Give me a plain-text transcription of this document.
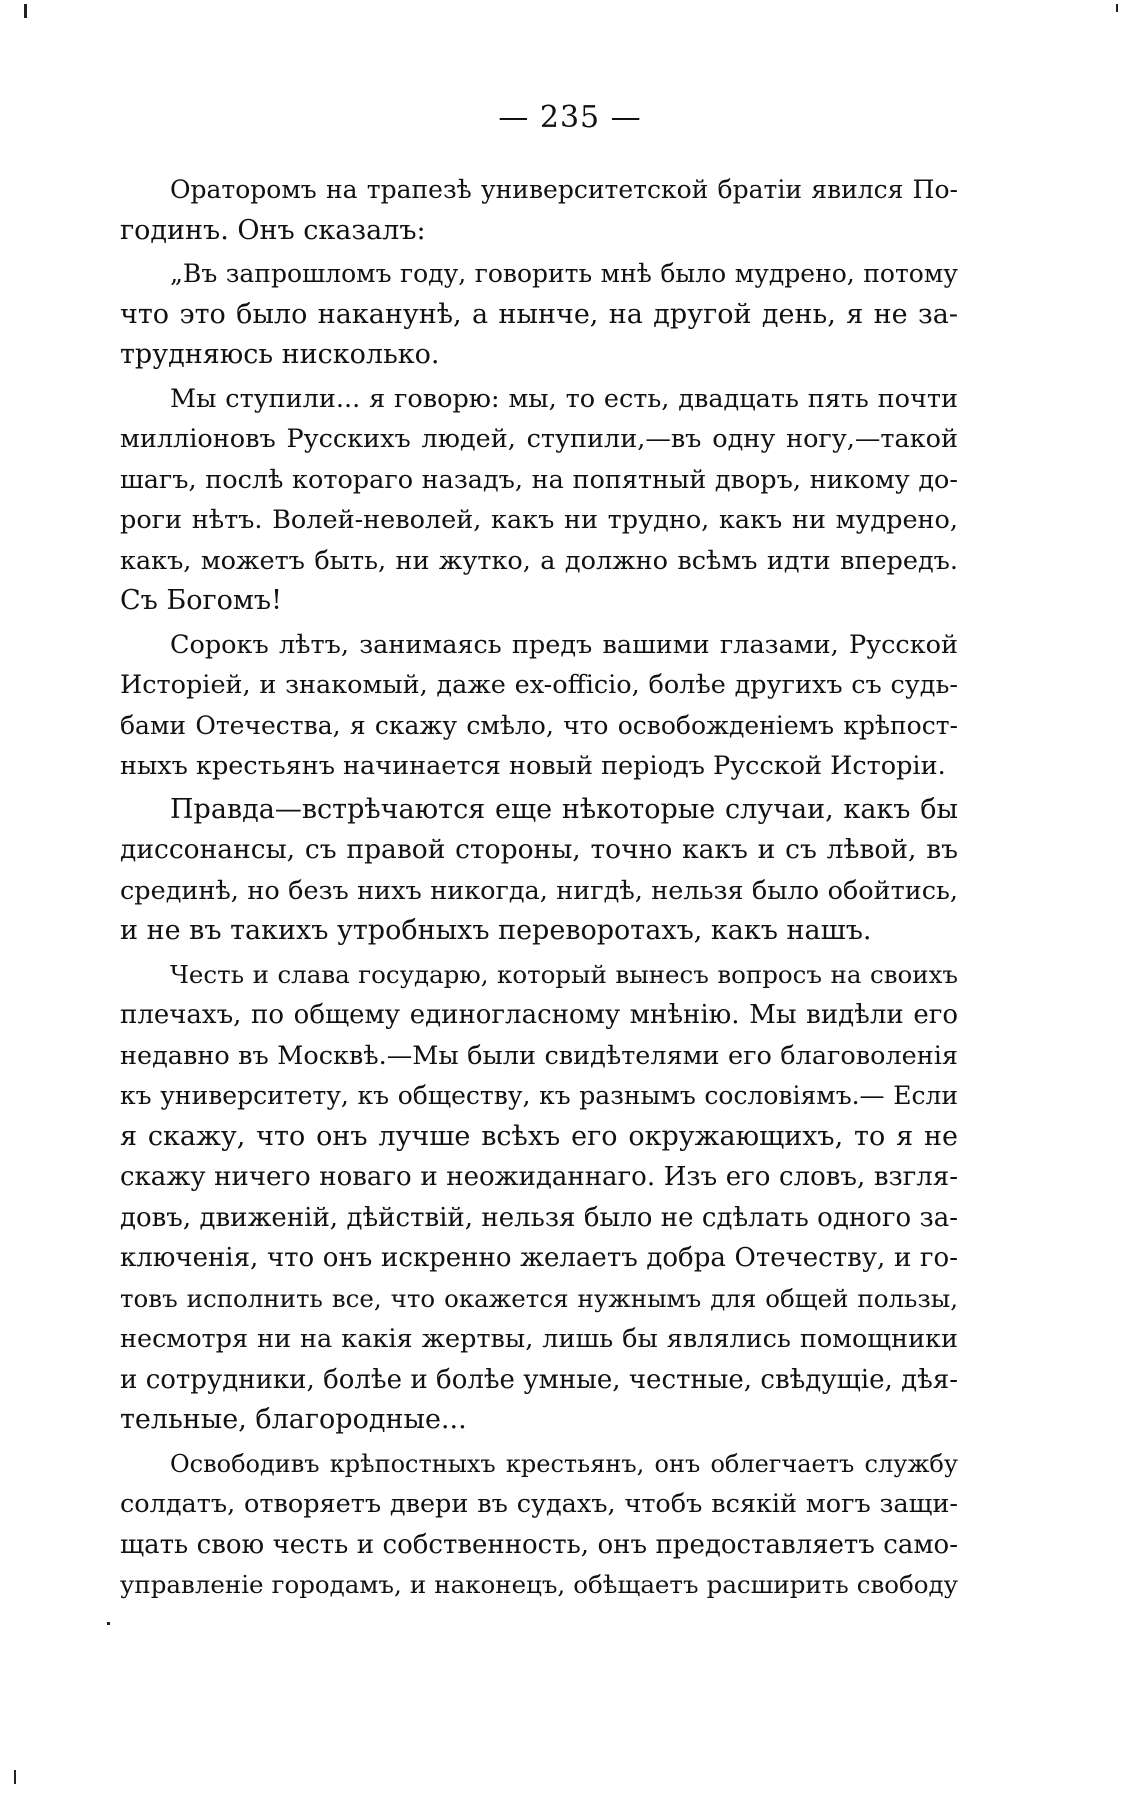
— 235 —
Ораторомъ на трапезѣ университетской братіи явился По-
годинъ. Онъ сказалъ:
„Въ запрошломъ году, говорить мнѣ было мудрено, потому
что это было наканунѣ, а нынче, на другой день, я не за-
трудняюсь нисколько.
Мы ступили... я говорю: мы, то есть, двадцать пять почти
милліоновъ Русскихъ людей, ступили,—въ одну ногу,—такой
шагъ, послѣ котораго назадъ, на попятный дворъ, никому до-
роги нѣтъ. Волей-неволей, какъ ни трудно, какъ ни мудрено,
какъ, можетъ быть, ни жутко, а должно всѣмъ идти впередъ.
Съ Богомъ!
Сорокъ лѣтъ, занимаясь предъ вашими глазами, Русской
Исторіей, и знакомый, даже ex-officio, болѣе другихъ съ судь-
бами Отечества, я скажу смѣло, что освобожденіемъ крѣпост-
ныхъ крестьянъ начинается новый періодъ Русской Исторіи.
Правда—встрѣчаются еще нѣкоторые случаи, какъ бы
диссонансы, съ правой стороны, точно какъ и съ лѣвой, въ
срединѣ, но безъ нихъ никогда, нигдѣ, нельзя было обойтись,
и не въ такихъ утробныхъ переворотахъ, какъ нашъ.
Честь и слава государю, который вынесъ вопросъ на своихъ
плечахъ, по общему единогласному мнѣнію. Мы видѣли его
недавно въ Москвѣ.—Мы были свидѣтелями его благоволенія
къ университету, къ обществу, къ разнымъ сословіямъ.— Если
я скажу, что онъ лучше всѣхъ его окружающихъ, то я не
скажу ничего новаго и неожиданнаго. Изъ его словъ, взгля-
довъ, движеній, дѣйствій, нельзя было не сдѣлать одного за-
ключенія, что онъ искренно желаетъ добра Отечеству, и го-
товъ исполнить все, что окажется нужнымъ для общей пользы,
несмотря ни на какія жертвы, лишь бы являлись помощники
и сотрудники, болѣе и болѣе умные, честные, свѣдущіе, дѣя-
тельные, благородные...
Освободивъ крѣпостныхъ крестьянъ, онъ облегчаетъ службу
солдатъ, отворяетъ двери въ судахъ, чтобъ всякій могъ защи-
щать свою честь и собственность, онъ предоставляетъ само-
управленіе городамъ, и наконецъ, обѣщаетъ расширить свободу
